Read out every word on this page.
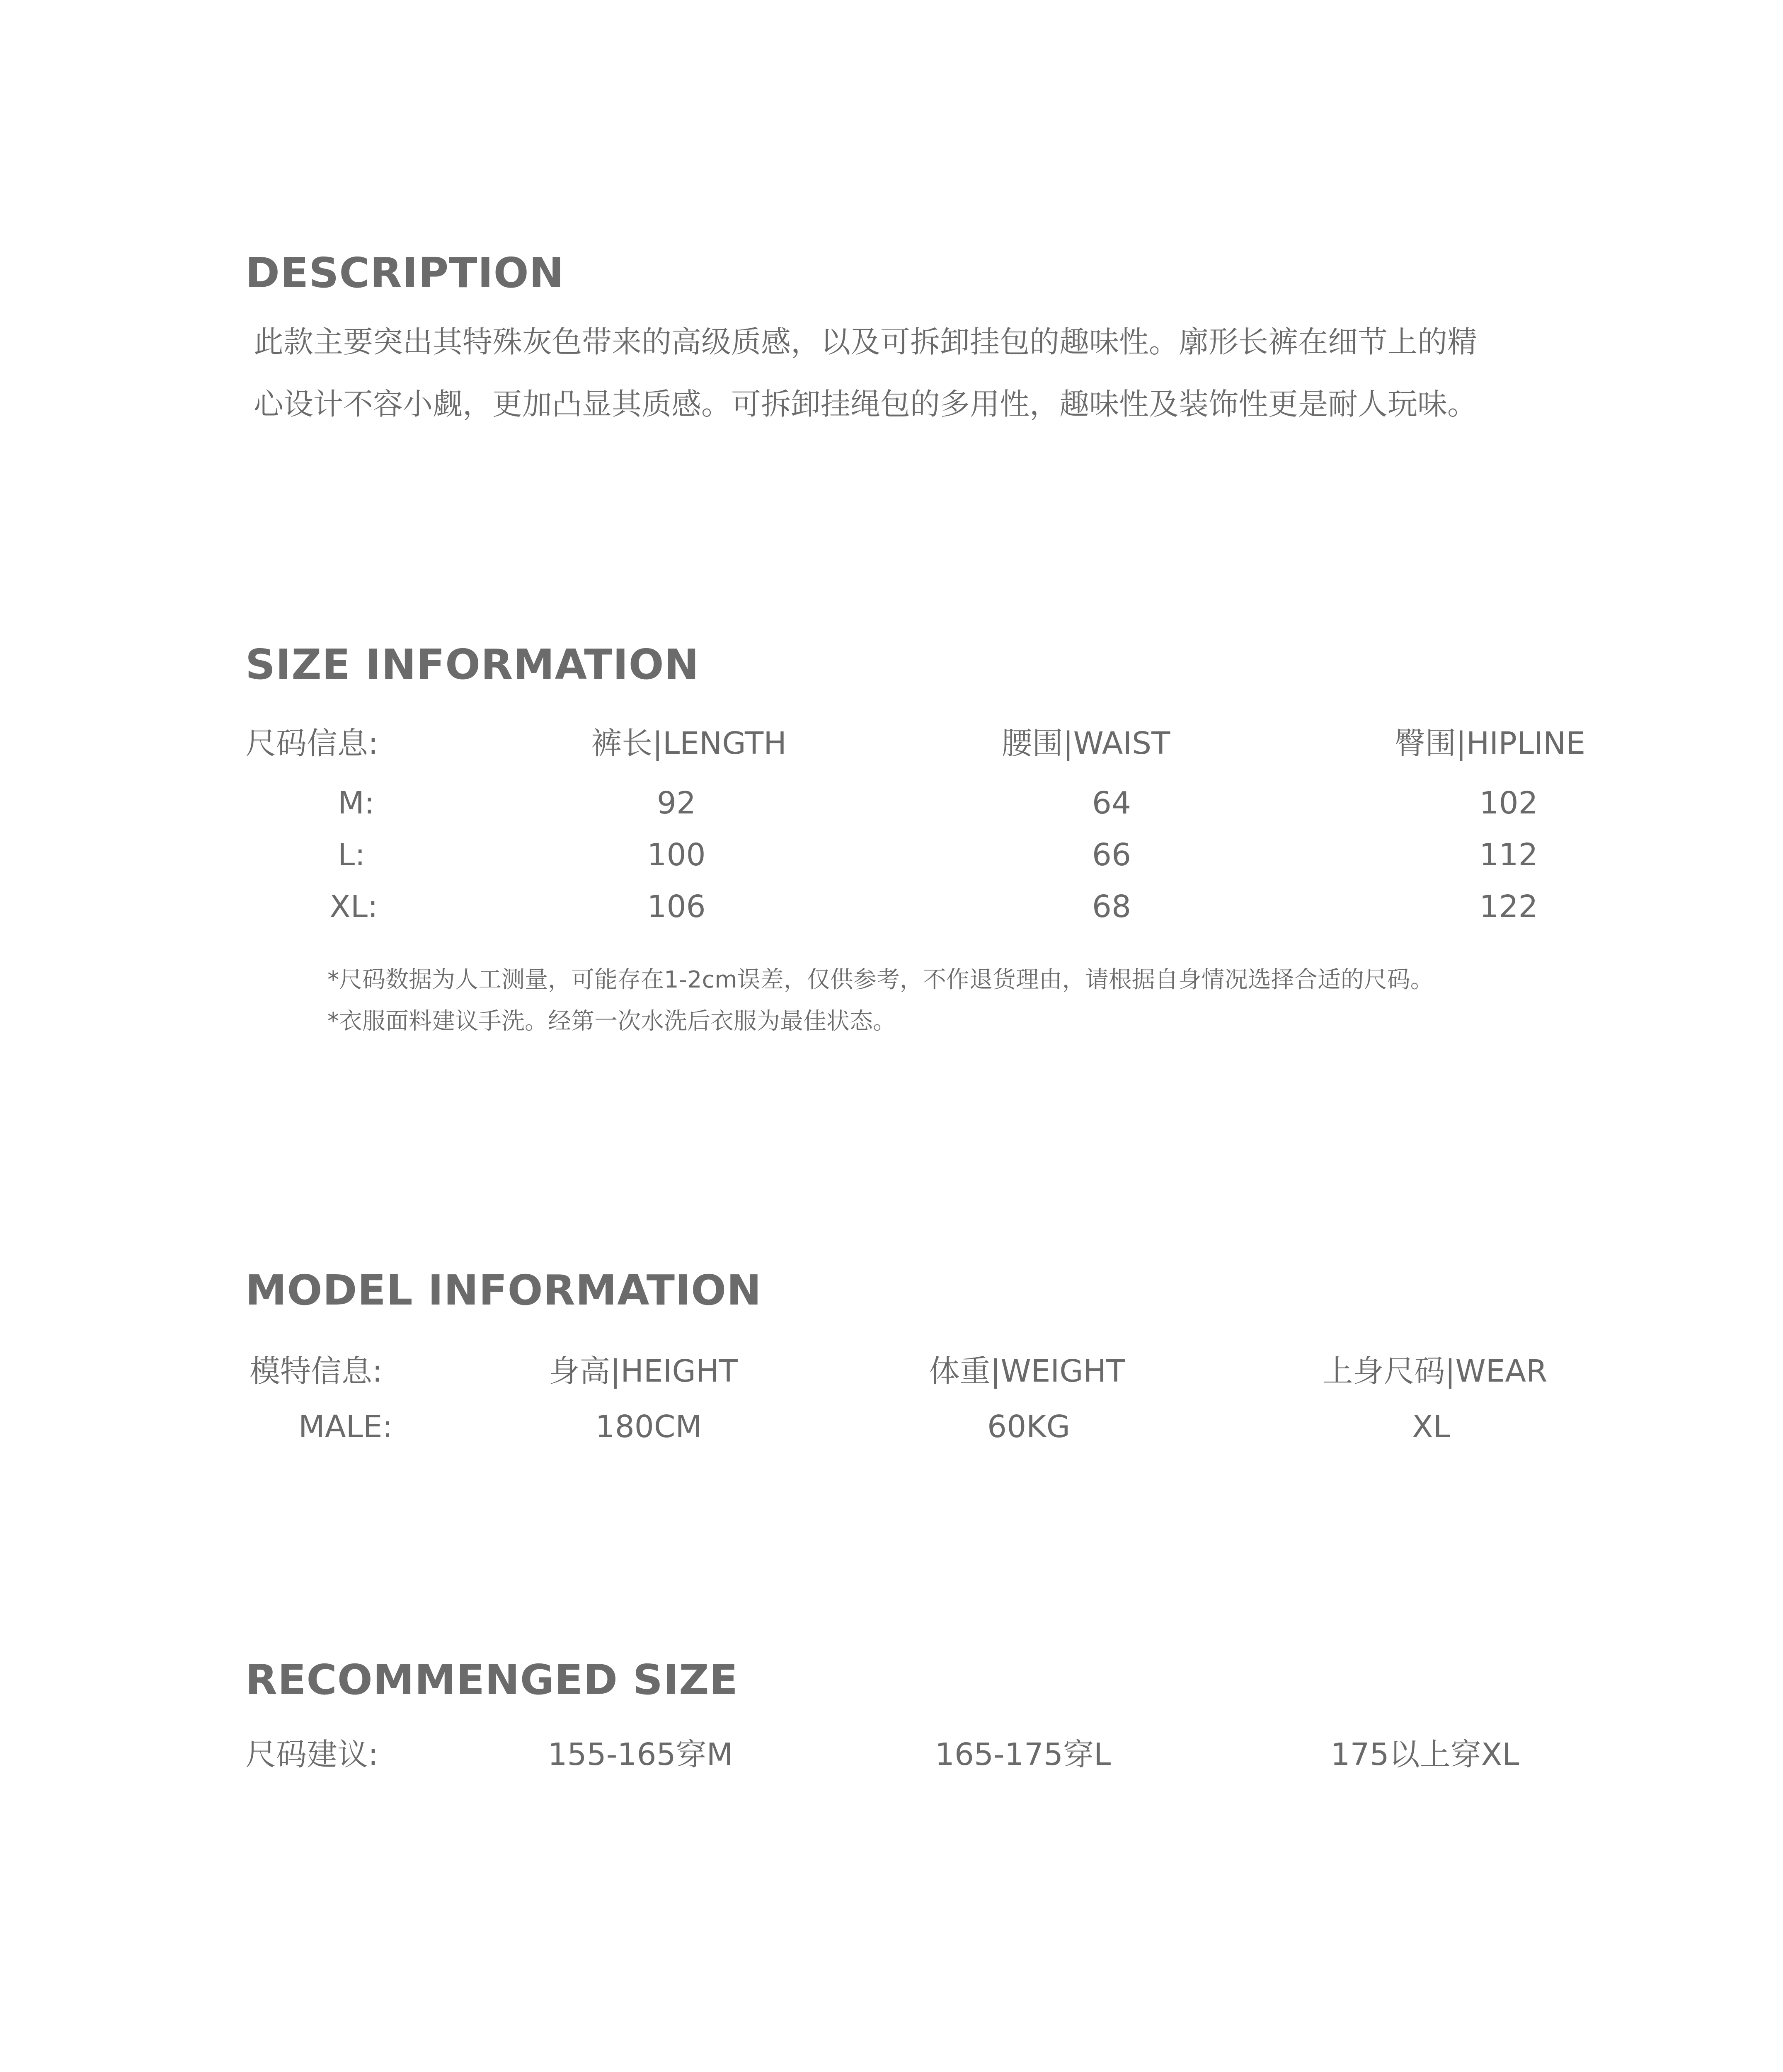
DESCRIPTION
此款主要突出其特殊灰色带来的高级质感，以及可拆卸挂包的趣味性。廓形长裤在细节上的精
心设计不容小觑，更加凸显其质感。可拆卸挂绳包的多用性，趣味性及装饰性更是耐人玩味。
SIZE INFORMATION
尺码信息:	裤长|LENGTH	腰围|WAIST	臀围|HIPLINE
M:	92	64	102
L:	100	66	112
XL:	106	68	122
*尺码数据为人工测量，可能存在1-2cm误差，仅供参考，不作退货理由，请根据自身情况选择合适的尺码。
*衣服面料建议手洗。经第一次水洗后衣服为最佳状态。
MODEL INFORMATION
模特信息:	身高|HEIGHT	体重|WEIGHT	上身尺码|WEAR
MALE:	180CM	60KG	XL
RECOMMENGED SIZE
尺码建议:	155-165穿M	165-175穿L	175以上穿XL
